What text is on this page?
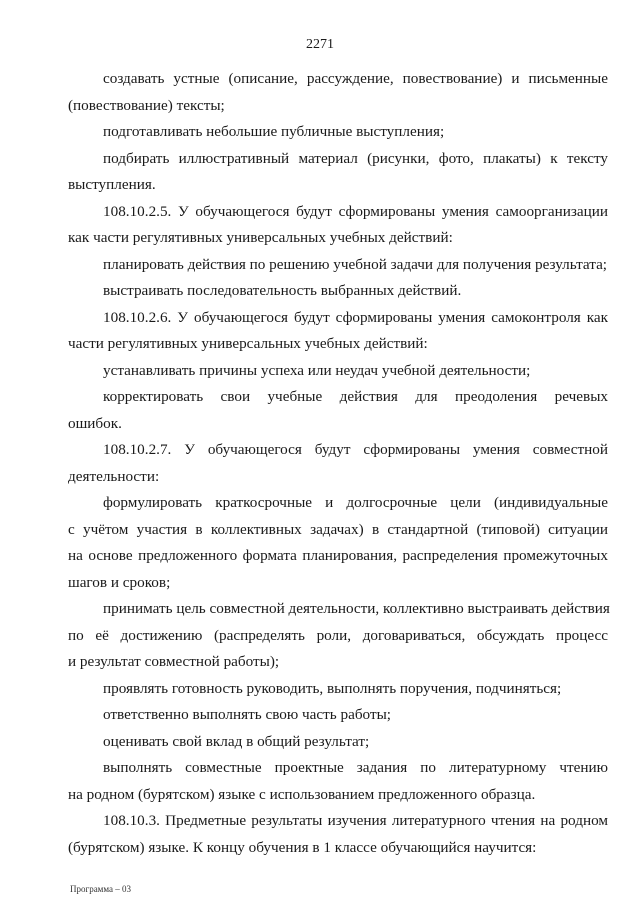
2271
создавать устные (описание, рассуждение, повествование) и письменные
(повествование) тексты;
подготавливать небольшие публичные выступления;
подбирать иллюстративный материал (рисунки, фото, плакаты) к тексту
выступления.
108.10.2.5. У обучающегося будут сформированы умения самоорганизации
как части регулятивных универсальных учебных действий:
планировать действия по решению учебной задачи для получения результата;
выстраивать последовательность выбранных действий.
108.10.2.6. У обучающегося будут сформированы умения самоконтроля как
части регулятивных универсальных учебных действий:
устанавливать причины успеха или неудач учебной деятельности;
корректировать свои учебные действия для преодоления речевых
ошибок.
108.10.2.7. У обучающегося будут сформированы умения совместной
деятельности:
формулировать краткосрочные и долгосрочные цели (индивидуальные
с учётом участия в коллективных задачах) в стандартной (типовой) ситуации
на основе предложенного формата планирования, распределения промежуточных
шагов и сроков;
принимать цель совместной деятельности, коллективно выстраивать действия
по её достижению (распределять роли, договариваться, обсуждать процесс
и результат совместной работы);
проявлять готовность руководить, выполнять поручения, подчиняться;
ответственно выполнять свою часть работы;
оценивать свой вклад в общий результат;
выполнять совместные проектные задания по литературному чтению
на родном (бурятском) языке с использованием предложенного образца.
108.10.3. Предметные результаты изучения литературного чтения на родном
(бурятском) языке. К концу обучения в 1 классе обучающийся научится:
Программа – 03
